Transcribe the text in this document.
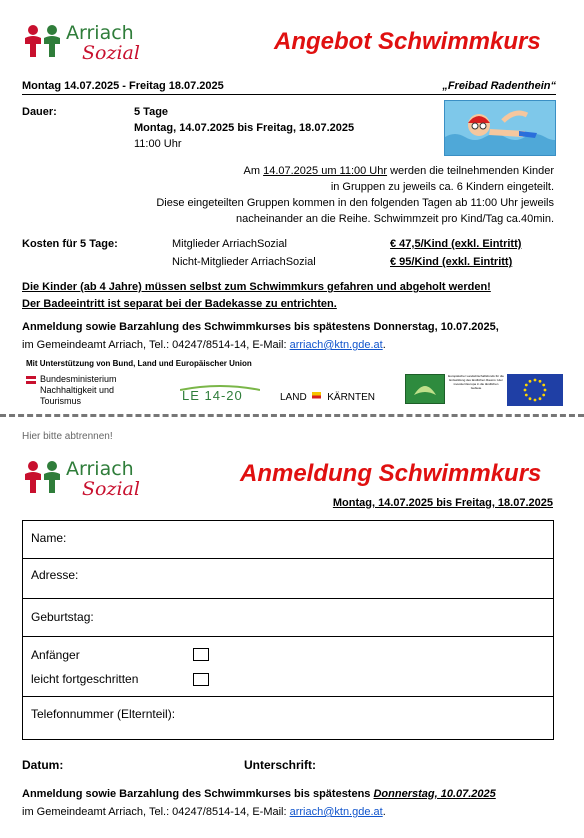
Arriach
Sozial	Angebot Schwimmkurs
Montag 14.07.2025 - Freitag 18.07.2025	„Freibad Radenthein“
Dauer:	5 Tage
Montag, 14.07.2025 bis Freitag, 18.07.2025
11:00 Uhr
Am 14.07.2025 um 11:00 Uhr werden die teilnehmenden Kinder
in Gruppen zu jeweils ca. 6 Kindern eingeteilt.
Diese eingeteilten Gruppen kommen in den folgenden Tagen ab 11:00 Uhr jeweils
nacheinander an die Reihe. Schwimmzeit pro Kind/Tag ca.40min.
Kosten für 5 Tage:	Mitglieder ArriachSozial	€ 47,5/Kind (exkl. Eintritt)
Nicht-Mitglieder ArriachSozial	€ 95/Kind (exkl. Eintritt)
Die Kinder (ab 4 Jahre) müssen selbst zum Schwimmkurs gefahren und abgeholt werden!
Der Badeeintritt ist separat bei der Badekasse zu entrichten.
Anmeldung sowie Barzahlung des Schwimmkurses bis spätestens Donnerstag, 10.07.2025,
im Gemeindeamt Arriach, Tel.: 04247/8514-14, E-Mail: arriach@ktn.gde.at.
Mit Unterstützung von Bund, Land und Europäischer Union
Bundesministerium
Nachhaltigkeit und
Tourismus	LE 14-20	LAND KÄRNTEN
Europäischer Landwirtschaftsfonds für die Entwicklung des ländlichen Raums: Hier investiert Europa in die ländlichen Gebiete
Hier bitte abtrennen!
Arriach
Sozial
Anmeldung Schwimmkurs
Montag, 14.07.2025 bis Freitag, 18.07.2025
Name:
Adresse:
Geburtstag:
Anfänger
leicht fortgeschritten
Telefonnummer (Elternteil):
Datum:	Unterschrift:
Anmeldung sowie Barzahlung des Schwimmkurses bis spätestens Donnerstag, 10.07.2025
im Gemeindeamt Arriach, Tel.: 04247/8514-14, E-Mail: arriach@ktn.gde.at.
